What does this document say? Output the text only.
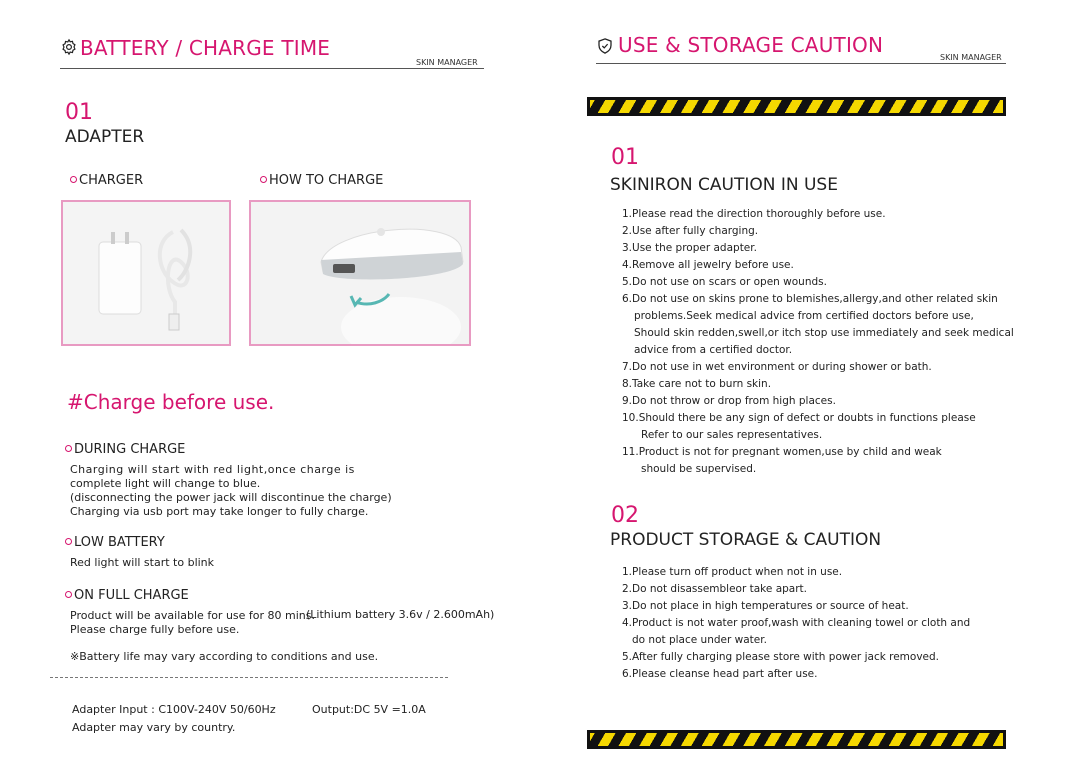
BATTERY / CHARGE TIME
SKIN MANAGER
01
ADAPTER
CHARGER	HOW TO CHARGE
#Charge before use.
DURING CHARGE
Charging will start with red light,once charge is
complete light will change to blue.
(disconnecting the power jack will discontinue the charge)
Charging via usb port may take longer to fully charge.
LOW BATTERY
Red light will start to blink
ON FULL CHARGE
Product will be available for use for 80 mins.
(Lithium battery 3.6v / 2.600mAh)
Please charge fully before use.
※Battery life may vary according to conditions and use.
Adapter Input : C100V-240V 50/60Hz	Output:DC 5V =1.0A
Adapter may vary by country.
USE & STORAGE CAUTION
SKIN MANAGER
01
SKINIRON CAUTION IN USE
1.Please read the direction thoroughly before use.
2.Use after fully charging.
3.Use the proper adapter.
4.Remove all jewelry before use.
5.Do not use on scars or open wounds.
6.Do not use on skins prone to blemishes,allergy,and other related skin
problems.Seek medical advice from certified doctors before use,
Should skin redden,swell,or itch stop use immediately and seek medical
advice from a certified doctor.
7.Do not use in wet environment or during shower or bath.
8.Take care not to burn skin.
9.Do not throw or drop from high places.
10.Should there be any sign of defect or doubts in functions please
Refer to our sales representatives.
11.Product is not for pregnant women,use by child and weak
should be supervised.
02
PRODUCT STORAGE & CAUTION
1.Please turn off product when not in use.
2.Do not disassembleor take apart.
3.Do not place in high temperatures or source of heat.
4.Product is not water proof,wash with cleaning towel or cloth and
do not place under water.
5.After fully charging please store with power jack removed.
6.Please cleanse head part after use.
